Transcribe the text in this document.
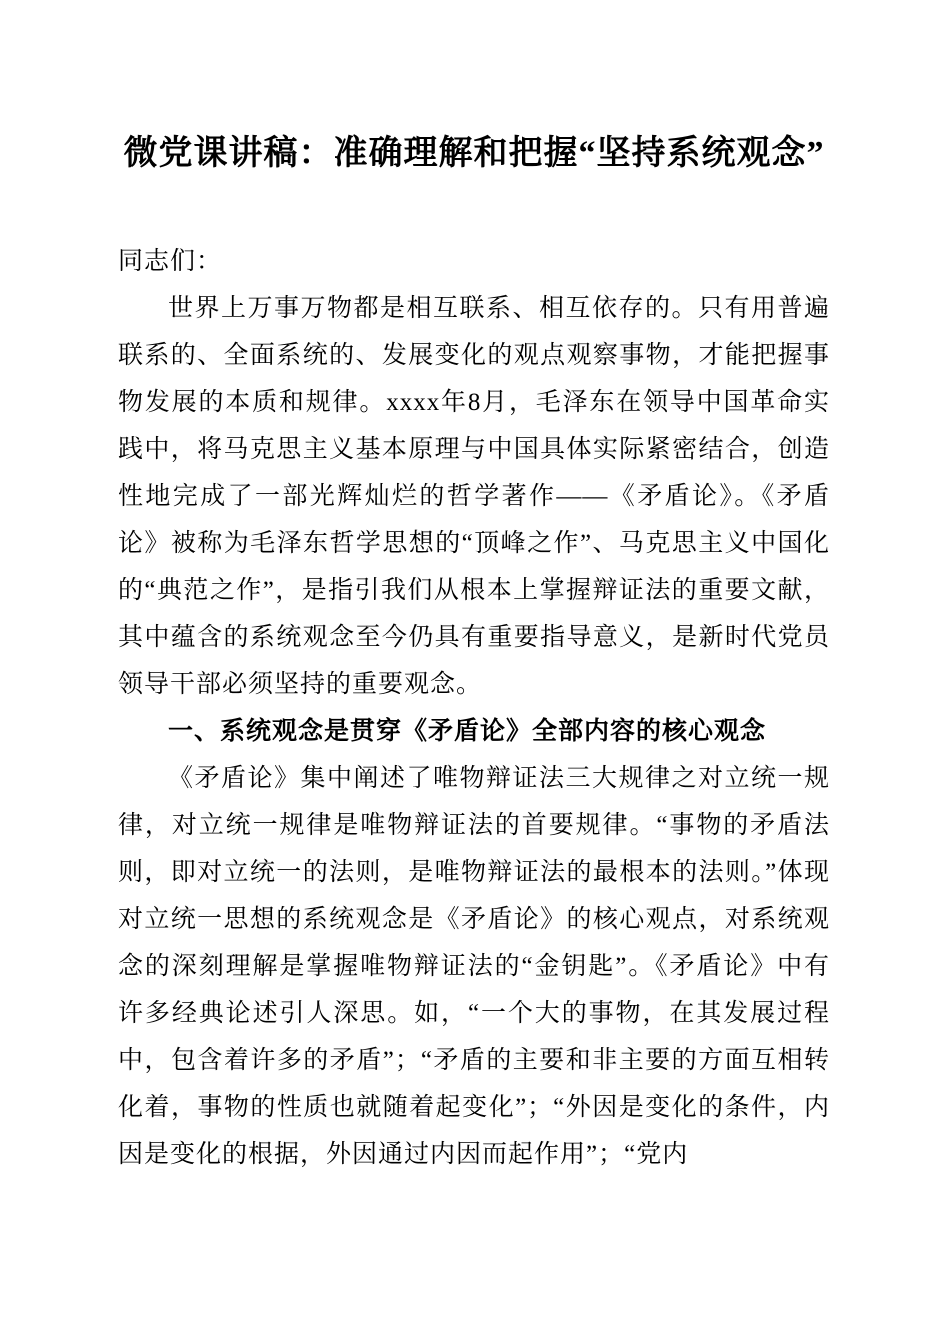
微党课讲稿：准确理解和把握“坚持系统观念”

同志们：

世界上万事万物都是相互联系、相互依存的。只有用普遍联系的、全面系统的、发展变化的观点观察事物，才能把握事物发展的本质和规律。xxxx年8月，毛泽东在领导中国革命实践中，将马克思主义基本原理与中国具体实际紧密结合，创造性地完成了一部光辉灿烂的哲学著作——《矛盾论》。《矛盾论》被称为毛泽东哲学思想的“顶峰之作”、马克思主义中国化的“典范之作”，是指引我们从根本上掌握辩证法的重要文献，其中蕴含的系统观念至今仍具有重要指导意义，是新时代党员领导干部必须坚持的重要观念。

一、系统观念是贯穿《矛盾论》全部内容的核心观念

《矛盾论》集中阐述了唯物辩证法三大规律之对立统一规律，对立统一规律是唯物辩证法的首要规律。“事物的矛盾法则，即对立统一的法则，是唯物辩证法的最根本的法则。”体现对立统一思想的系统观念是《矛盾论》的核心观点，对系统观念的深刻理解是掌握唯物辩证法的“金钥匙”。《矛盾论》中有许多经典论述引人深思。如，“一个大的事物，在其发展过程中，包含着许多的矛盾”；“矛盾的主要和非主要的方面互相转化着，事物的性质也就随着起变化”；“外因是变化的条件，内因是变化的根据，外因通过内因而起作用”；“党内
